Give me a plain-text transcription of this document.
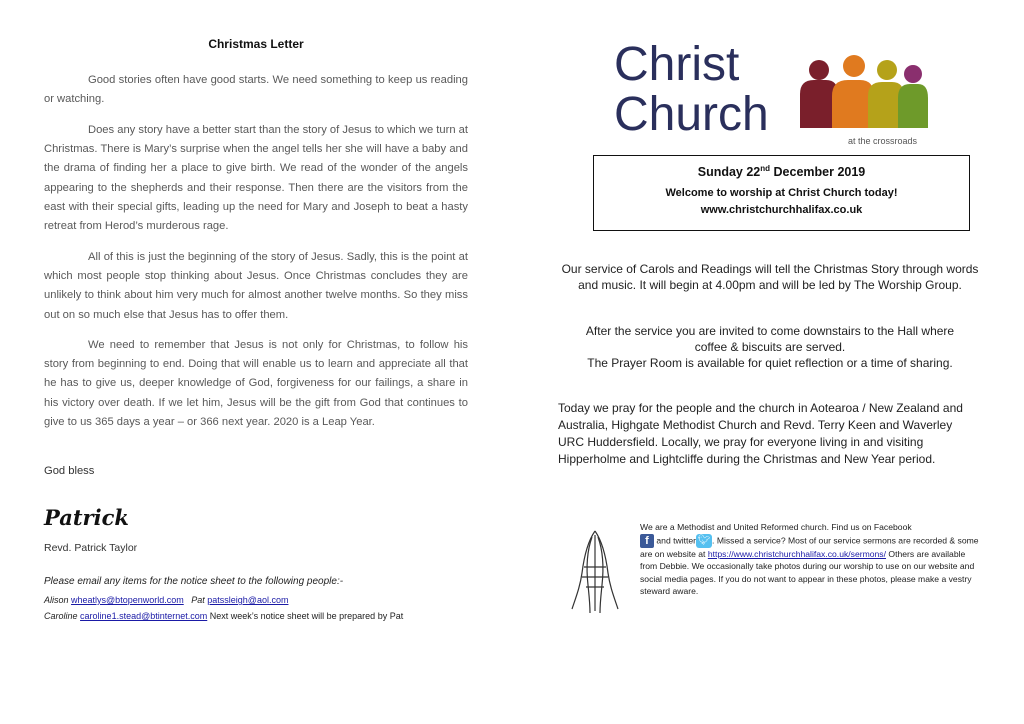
Christmas Letter
Good stories often have good starts. We need something to keep us reading or watching.
Does any story have a better start than the story of Jesus to which we turn at Christmas. There is Mary’s surprise when the angel tells her she will have a baby and the drama of finding her a place to give birth. We read of the wonder of the angels appearing to the shepherds and their response. Then there are the visitors from the east with their special gifts, leading up the need for Mary and Joseph to beat a hasty retreat from Herod’s murderous rage.
All of this is just the beginning of the story of Jesus. Sadly, this is the point at which most people stop thinking about Jesus. Once Christmas concludes they are unlikely to think about him very much for almost another twelve months. So they miss out on so much else that Jesus has to offer them.
We need to remember that Jesus is not only for Christmas, to follow his story from beginning to end. Doing that will enable us to learn and appreciate all that he has to give us, deeper knowledge of God, forgiveness for our failings, a share in his victory over death. If we let him, Jesus will be the gift from God that continues to give to us 365 days a year – or 366 next year. 2020 is a Leap Year.
God bless
Patrick
Revd. Patrick Taylor
Please email any items for the notice sheet to the following people:-
Alison wheatlys@btopenworld.com Pat patssleigh@aol.com
Caroline caroline1.stead@btinternet.com Next week’s notice sheet will be prepared by Pat
Christ
Church	at the crossroads
Sunday 22nd December 2019
Welcome to worship at Christ Church today!
www.christchurchhalifax.co.uk
Our service of Carols and Readings will tell the Christmas Story through words and music. It will begin at 4.00pm and will be led by The Worship Group.
After the service you are invited to come downstairs to the Hall where coffee & biscuits are served.
The Prayer Room is available for quiet reflection or a time of sharing.
Today we pray for the people and the church in Aotearoa / New Zealand and Australia, Highgate Methodist Church and Revd. Terry Keen and Waverley URC Huddersfield. Locally, we pray for everyone living in and visiting Hipperholme and Lightcliffe during the Christmas and New Year period.
We are a Methodist and United Reformed church. Find us on Facebook
f and twitter 🐦︎ . Missed a service? Most of our service sermons are recorded & some are on website at https://www.christchurchhalifax.co.uk/sermons/ Others are available from Debbie. We occasionally take photos during our worship to use on our website and social media pages. If you do not want to appear in these photos, please make a vestry steward aware.
